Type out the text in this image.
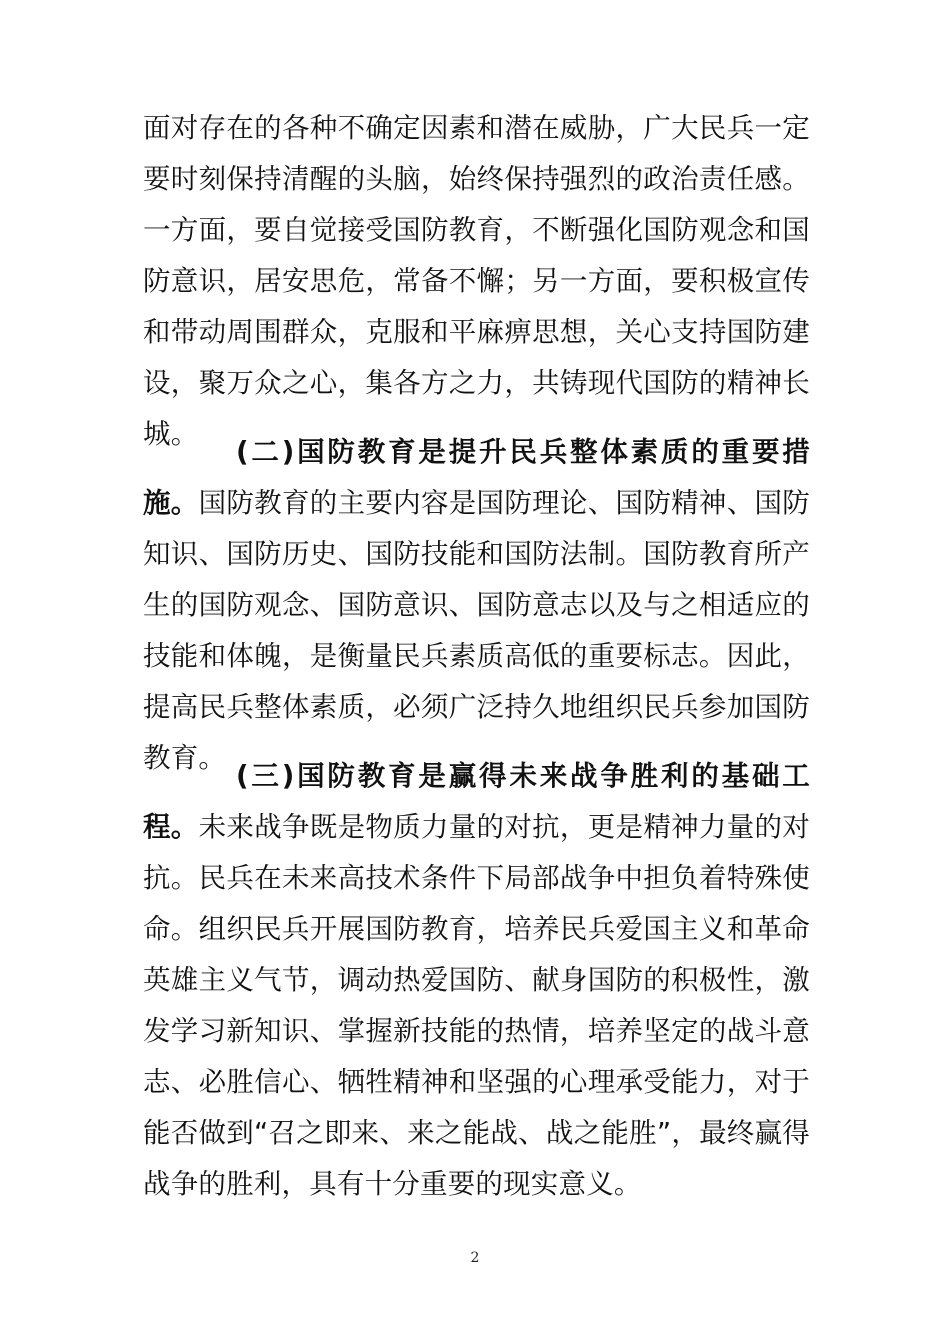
面对存在的各种不确定因素和潜在威胁，广大民兵一定要时刻保持清醒的头脑，始终保持强烈的政治责任感。一方面，要自觉接受国防教育，不断强化国防观念和国防意识，居安思危，常备不懈；另一方面，要积极宣传和带动周围群众，克服和平麻痹思想，关心支持国防建设，聚万众之心，集各方之力，共铸现代国防的精神长城。

(二)国防教育是提升民兵整体素质的重要措施。国防教育的主要内容是国防理论、国防精神、国防知识、国防历史、国防技能和国防法制。国防教育所产生的国防观念、国防意识、国防意志以及与之相适应的技能和体魄，是衡量民兵素质高低的重要标志。因此，提高民兵整体素质，必须广泛持久地组织民兵参加国防教育。

(三)国防教育是赢得未来战争胜利的基础工程。未来战争既是物质力量的对抗，更是精神力量的对抗。民兵在未来高技术条件下局部战争中担负着特殊使命。组织民兵开展国防教育，培养民兵爱国主义和革命英雄主义气节，调动热爱国防、献身国防的积极性，激发学习新知识、掌握新技能的热情，培养坚定的战斗意志、必胜信心、牺牲精神和坚强的心理承受能力，对于能否做到“召之即来、来之能战、战之能胜”，最终赢得战争的胜利，具有十分重要的现实意义。

2
